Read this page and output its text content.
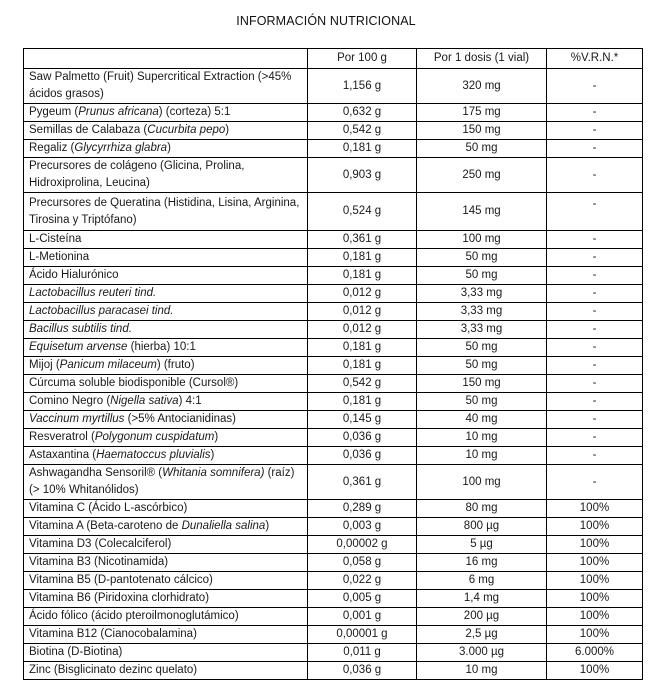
INFORMACIÓN NUTRICIONAL
	Por 100 g	Por 1 dosis (1 vial)	%V.R.N.*
Saw Palmetto (Fruit) Supercritical Extraction (>45% ácidos grasos)	1,156 g	320 mg	-
Pygeum (Prunus africana) (corteza) 5:1	0,632 g	175 mg	-
Semillas de Calabaza (Cucurbita pepo)	0,542 g	150 mg	-
Regaliz (Glycyrrhiza glabra)	0,181 g	50 mg	-
Precursores de colágeno (Glicina, Prolina, Hidroxiprolina, Leucina)	0,903 g	250 mg	-
Precursores de Queratina (Histidina, Lisina, Arginina, Tirosina y Triptófano)	0,524 g	145 mg	-
L-Cisteína	0,361 g	100 mg	-
L-Metionina	0,181 g	50 mg	-
Ácido Hialurónico	0,181 g	50 mg	-
Lactobacillus reuteri tind.	0,012 g	3,33 mg	-
Lactobacillus paracasei tind.	0,012 g	3,33 mg	-
Bacillus subtilis tind.	0,012 g	3,33 mg	-
Equisetum arvense (hierba) 10:1	0,181 g	50 mg	-
Mijoj (Panicum milaceum) (fruto)	0,181 g	50 mg	-
Cúrcuma soluble biodisponible (Cursol®)	0,542 g	150 mg	-
Comino Negro (Nigella sativa) 4:1	0,181 g	50 mg	-
Vaccinum myrtillus (>5% Antocianidinas)	0,145 g	40 mg	-
Resveratrol (Polygonum cuspidatum)	0,036 g	10 mg	-
Astaxantina (Haematoccus pluvialis)	0,036 g	10 mg	-
Ashwagandha Sensoril® (Whitania somnifera) (raíz) (> 10% Whitanólidos)	0,361 g	100 mg	-
Vitamina C (Ácido L-ascórbico)	0,289 g	80 mg	100%
Vitamina A (Beta-caroteno de Dunaliella salina)	0,003 g	800 µg	100%
Vitamina D3 (Colecalciferol)	0,00002 g	5 µg	100%
Vitamina B3 (Nicotinamida)	0,058 g	16 mg	100%
Vitamina B5 (D-pantotenato cálcico)	0,022 g	6 mg	100%
Vitamina B6 (Piridoxina clorhidrato)	0,005 g	1,4 mg	100%
Ácido fólico (ácido pteroilmonoglutámico)	0,001 g	200 µg	100%
Vitamina B12 (Cianocobalamina)	0,00001 g	2,5 µg	100%
Biotina (D-Biotina)	0,011 g	3.000 µg	6.000%
Zinc (Bisglicinato dezinc quelato)	0,036 g	10 mg	100%
